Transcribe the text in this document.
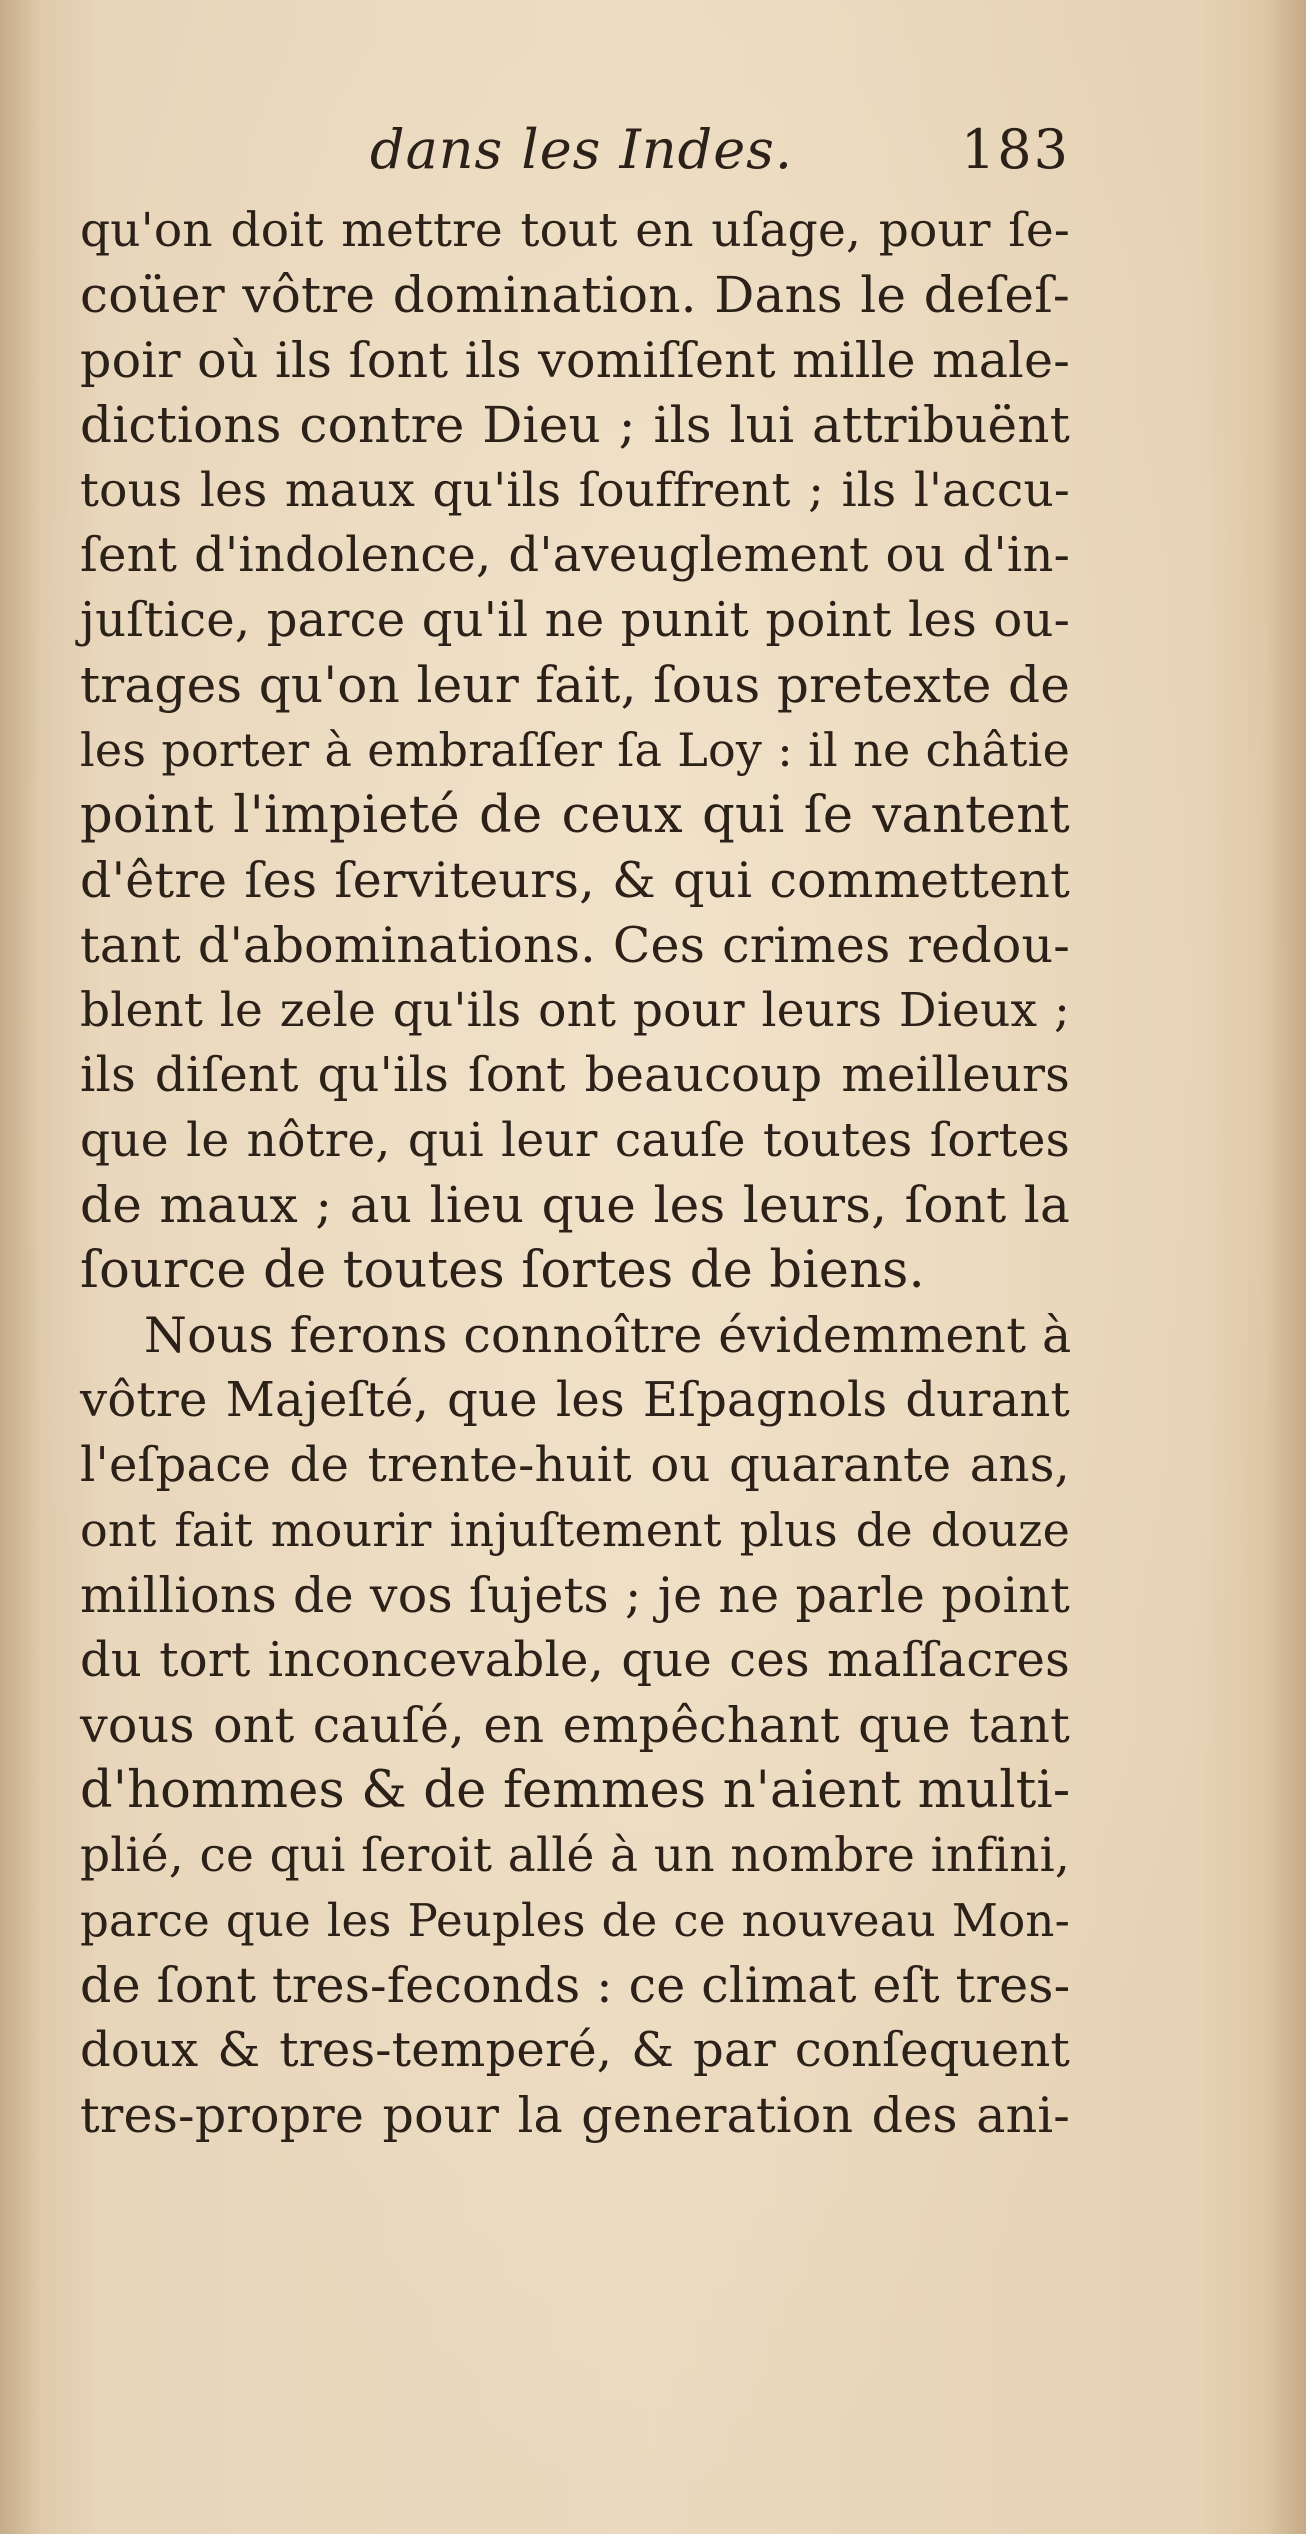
dans les Indes.	183
qu'on doit mettre tout en uſage, pour ſe-
coüer vôtre domination. Dans le deſeſ-
poir où ils ſont ils vomiſſent mille male-
dictions contre Dieu ; ils lui attribuënt
tous les maux qu'ils ſouffrent ; ils l'accu-
ſent d'indolence, d'aveuglement ou d'in-
juſtice, parce qu'il ne punit point les ou-
trages qu'on leur fait, ſous pretexte de
les porter à embraſſer ſa Loy : il ne châtie
point l'impieté de ceux qui ſe vantent
d'être ſes ſerviteurs, & qui commettent
tant d'abominations. Ces crimes redou-
blent le zele qu'ils ont pour leurs Dieux ;
ils diſent qu'ils ſont beaucoup meilleurs
que le nôtre, qui leur cauſe toutes ſortes
de maux ; au lieu que les leurs, ſont la
ſource de toutes ſortes de biens.
Nous ferons connoître évidemment à
vôtre Majeſté, que les Eſpagnols durant
l'eſpace de trente-huit ou quarante ans,
ont fait mourir injuſtement plus de douze
millions de vos ſujets ; je ne parle point
du tort inconcevable, que ces maſſacres
vous ont cauſé, en empêchant que tant
d'hommes & de femmes n'aient multi-
plié, ce qui ſeroit allé à un nombre infini,
parce que les Peuples de ce nouveau Mon-
de ſont tres-feconds : ce climat eſt tres-
doux & tres-temperé, & par conſequent
tres-propre pour la generation des ani-
